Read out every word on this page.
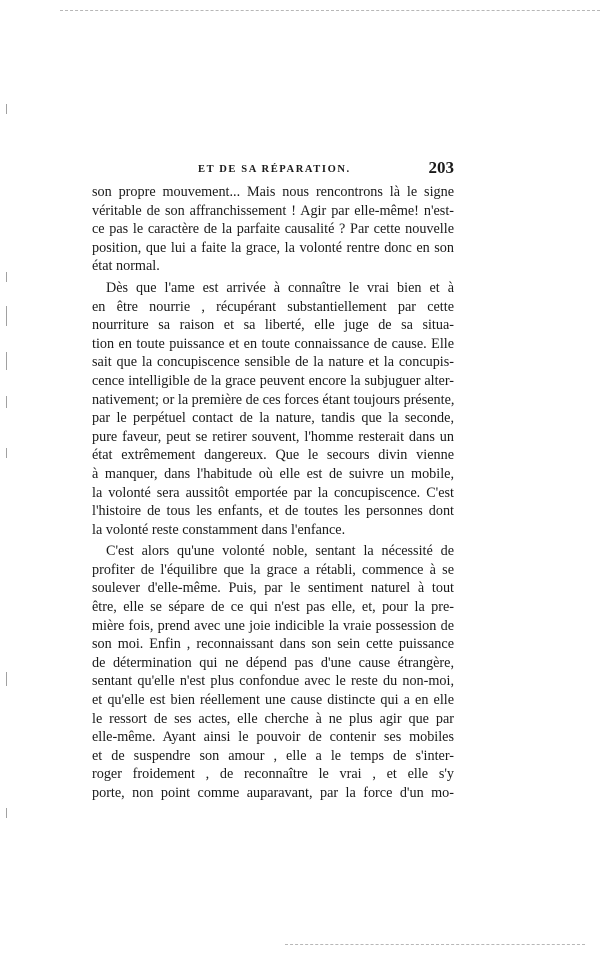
ET DE SA RÉPARATION.	203

son propre mouvement... Mais nous rencontrons là le signe
véritable de son affranchissement ! Agir par elle-même! n'est-
ce pas le caractère de la parfaite causalité ? Par cette nouvelle
position, que lui a faite la grace, la volonté rentre donc en son
état normal.

Dès que l'ame est arrivée à connaître le vrai bien et à
en être nourrie , récupérant substantiellement par cette
nourriture sa raison et sa liberté, elle juge de sa situa-
tion en toute puissance et en toute connaissance de cause. Elle
sait que la concupiscence sensible de la nature et la concupis-
cence intelligible de la grace peuvent encore la subjuguer alter-
nativement; or la première de ces forces étant toujours présente,
par le perpétuel contact de la nature, tandis que la seconde,
pure faveur, peut se retirer souvent, l'homme resterait dans un
état extrêmement dangereux. Que le secours divin vienne
à manquer, dans l'habitude où elle est de suivre un mobile,
la volonté sera aussitôt emportée par la concupiscence. C'est
l'histoire de tous les enfants, et de toutes les personnes dont
la volonté reste constamment dans l'enfance.

C'est alors qu'une volonté noble, sentant la nécessité de
profiter de l'équilibre que la grace a rétabli, commence à se
soulever d'elle-même. Puis, par le sentiment naturel à tout
être, elle se sépare de ce qui n'est pas elle, et, pour la pre-
mière fois, prend avec une joie indicible la vraie possession de
son moi. Enfin , reconnaissant dans son sein cette puissance
de détermination qui ne dépend pas d'une cause étrangère,
sentant qu'elle n'est plus confondue avec le reste du non-moi,
et qu'elle est bien réellement une cause distincte qui a en elle
le ressort de ses actes, elle cherche à ne plus agir que par
elle-même. Ayant ainsi le pouvoir de contenir ses mobiles
et de suspendre son amour , elle a le temps de s'inter-
roger froidement , de reconnaître le vrai , et elle s'y
porte, non point comme auparavant, par la force d'un mo-
